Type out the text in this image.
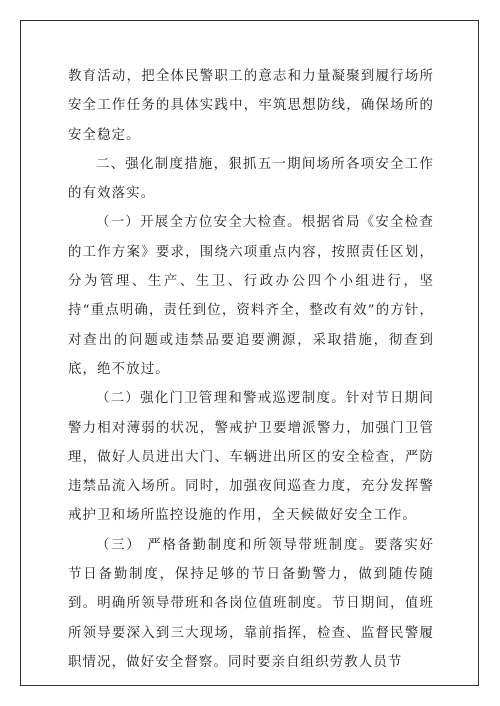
教育活动，把全体民警职工的意志和力量凝聚到履行场所安全工作任务的具体实践中，牢筑思想防线，确保场所的安全稳定。

二、强化制度措施，狠抓五一期间场所各项安全工作的有效落实。

（一）开展全方位安全大检查。根据省局《安全检查的工作方案》要求，围绕六项重点内容，按照责任区划，分为管理、生产、生卫、行政办公四个小组进行，坚持“重点明确，责任到位，资料齐全，整改有效”的方针，对查出的问题或违禁品要追要溯源，采取措施，彻查到底，绝不放过。

（二）强化门卫管理和警戒巡逻制度。针对节日期间警力相对薄弱的状况，警戒护卫要增派警力，加强门卫管理，做好人员进出大门、车辆进出所区的安全检查，严防违禁品流入场所。同时，加强夜间巡查力度，充分发挥警戒护卫和场所监控设施的作用，全天候做好安全工作。

（三） 严格备勤制度和所领导带班制度。要落实好节日备勤制度，保持足够的节日备勤警力，做到随传随到。明确所领导带班和各岗位值班制度。节日期间，值班所领导要深入到三大现场，靠前指挥，检查、监督民警履职情况，做好安全督察。同时要亲自组织劳教人员节
